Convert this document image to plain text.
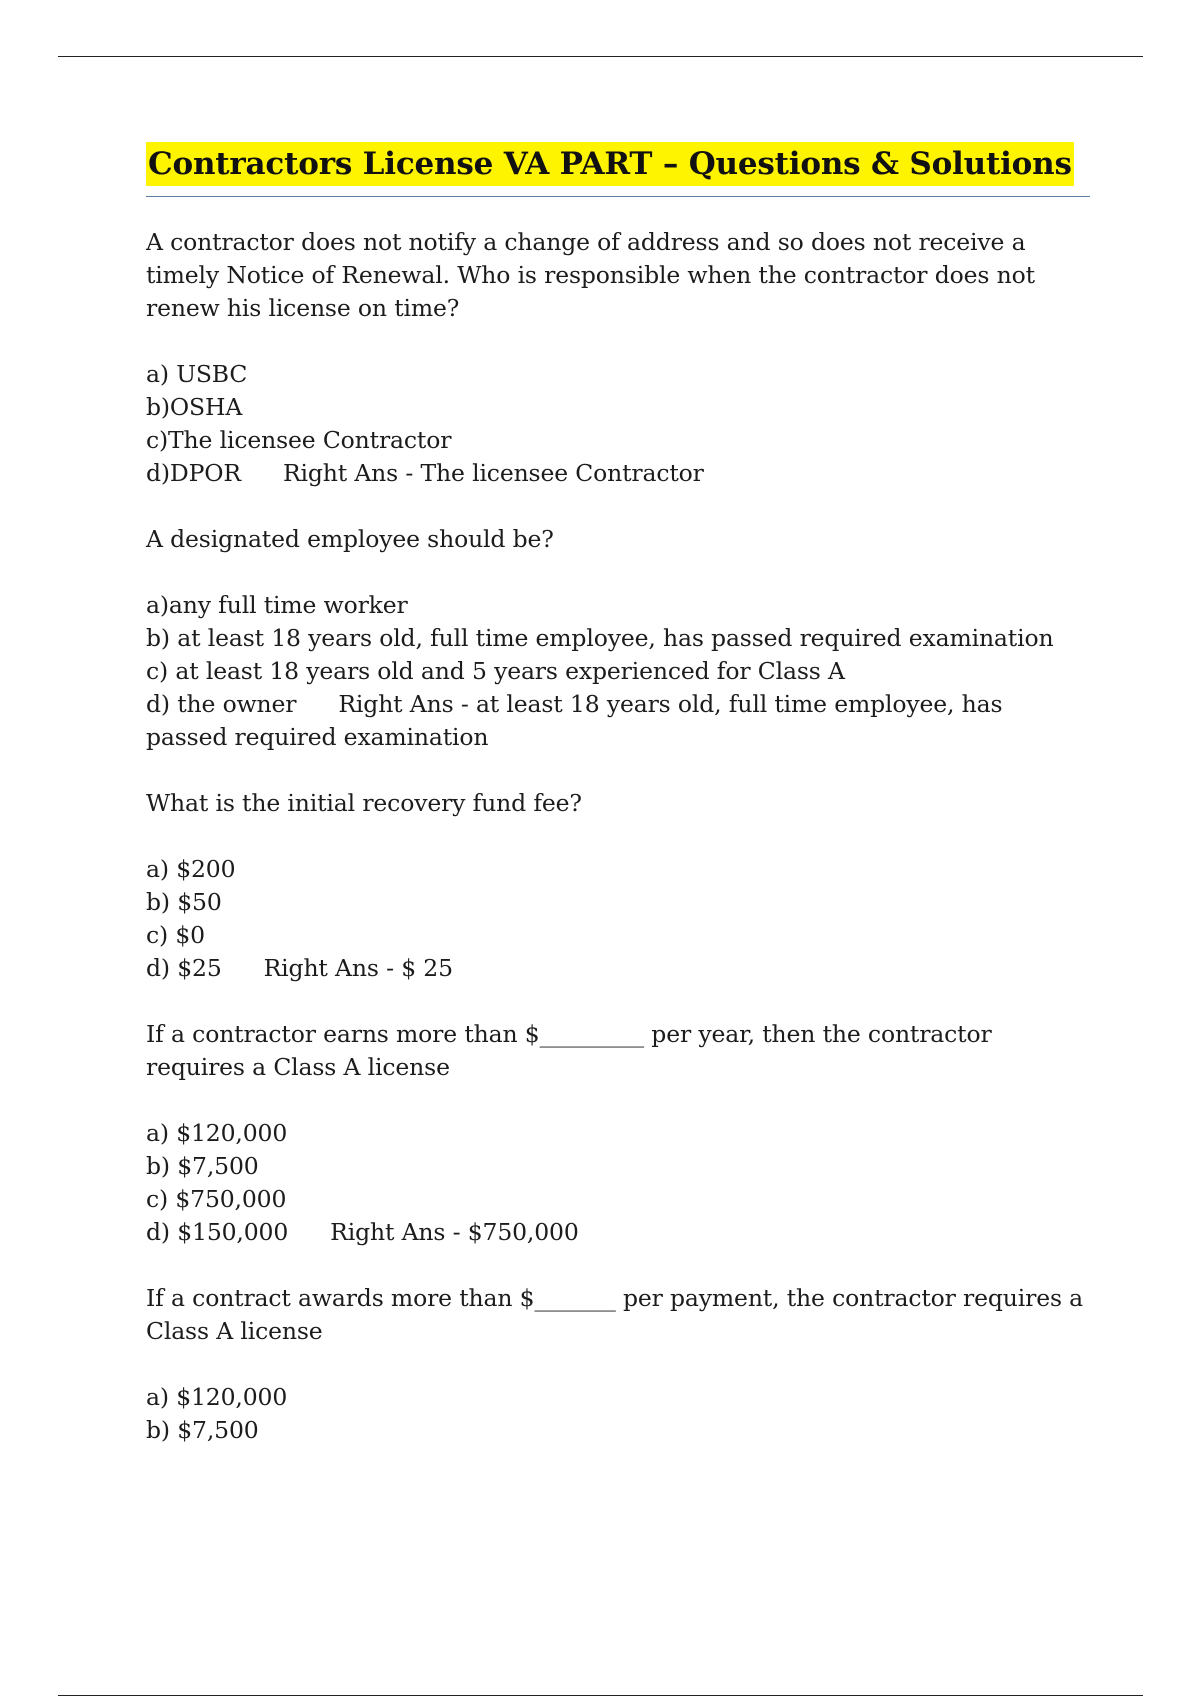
Contractors License VA PART – Questions & Solutions
A contractor does not notify a change of address and so does not receive a timely Notice of Renewal. Who is responsible when the contractor does not renew his license on time?
a) USBC
b)OSHA
c)The licensee Contractor
d)DPOR Right Ans - The licensee Contractor
A designated employee should be?
a)any full time worker
b) at least 18 years old, full time employee, has passed required examination
c) at least 18 years old and 5 years experienced for Class A
d) the owner Right Ans - at least 18 years old, full time employee, has passed required examination
What is the initial recovery fund fee?
a) $200
b) $50
c) $0
d) $25 Right Ans - $ 25
If a contractor earns more than $_________ per year, then the contractor requires a Class A license
a) $120,000
b) $7,500
c) $750,000
d) $150,000 Right Ans - $750,000
If a contract awards more than $_______ per payment, the contractor requires a Class A license
a) $120,000
b) $7,500
